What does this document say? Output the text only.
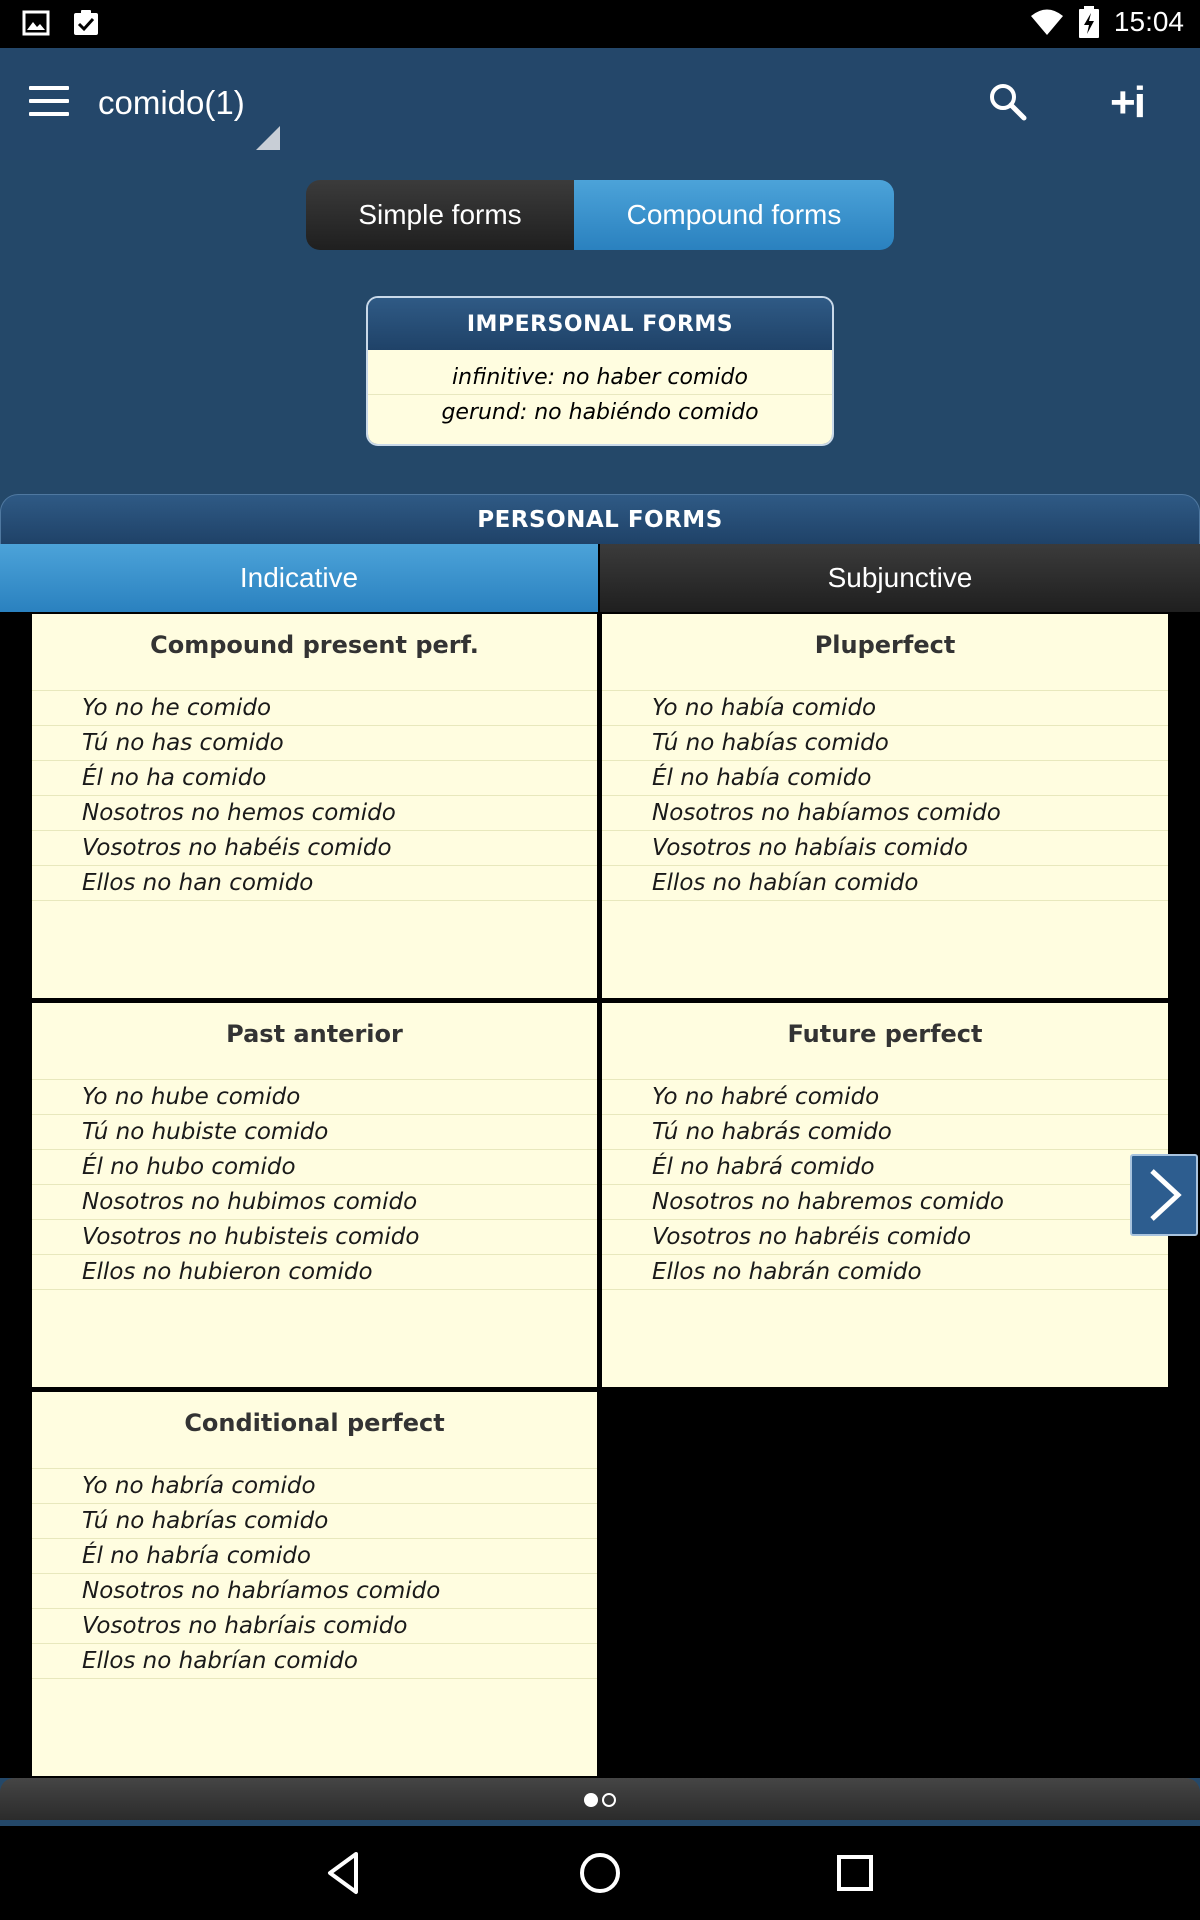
15:04
comido(1)	+i
Simple forms	Compound forms
IMPERSONAL FORMS
infinitive: no haber comido
gerund: no habiéndo comido
PERSONAL FORMS
Indicative	Subjunctive
Compound present perf.
Yo no he comido
Tú no has comido
Él no ha comido
Nosotros no hemos comido
Vosotros no habéis comido
Ellos no han comido
Pluperfect
Yo no había comido
Tú no habías comido
Él no había comido
Nosotros no habíamos comido
Vosotros no habíais comido
Ellos no habían comido
Past anterior
Yo no hube comido
Tú no hubiste comido
Él no hubo comido
Nosotros no hubimos comido
Vosotros no hubisteis comido
Ellos no hubieron comido
Future perfect
Yo no habré comido
Tú no habrás comido
Él no habrá comido
Nosotros no habremos comido
Vosotros no habréis comido
Ellos no habrán comido
Conditional perfect
Yo no habría comido
Tú no habrías comido
Él no habría comido
Nosotros no habríamos comido
Vosotros no habríais comido
Ellos no habrían comido
